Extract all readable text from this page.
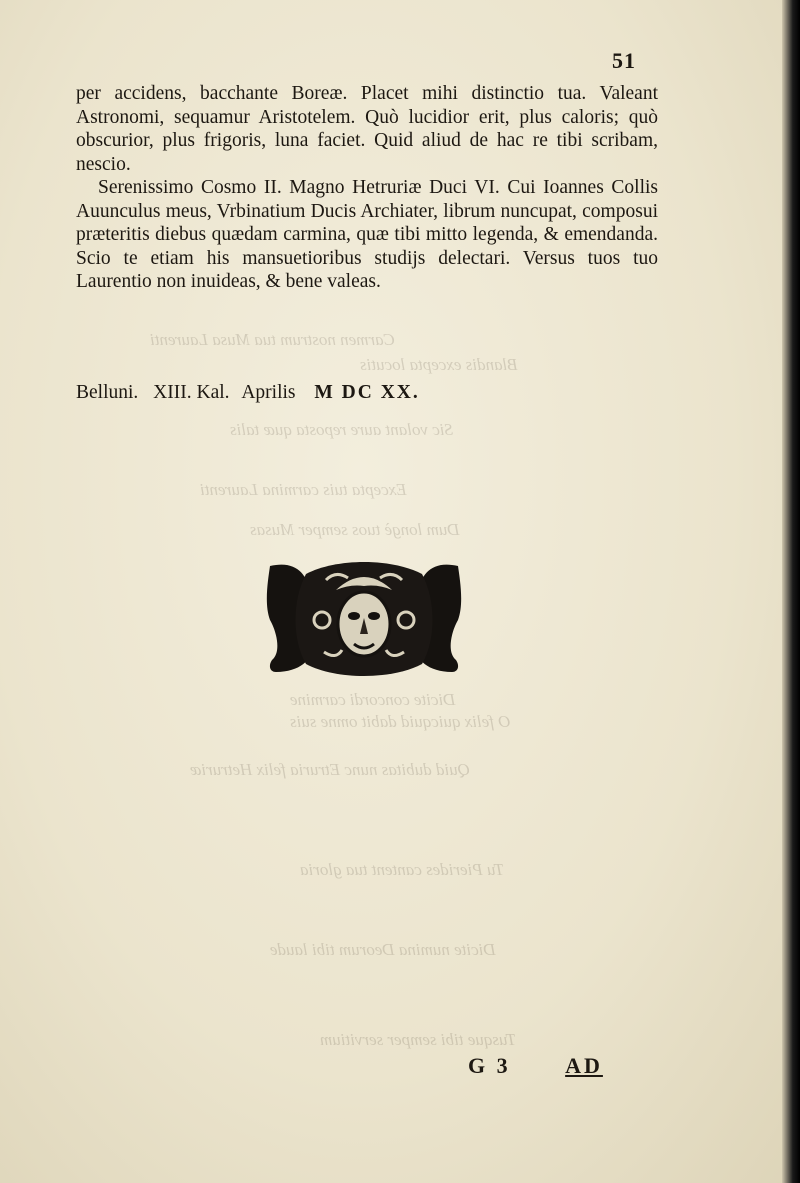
Carmen nostrum tua Musa Laurenti
Blandis excepta locutis
Sic volant aure reposta quæ talis
Excepta tuis carmina Laurenti
Dum longè tuos semper Musas
Dicite concordi carmine
O felix quicquid dabit omne suis
Quid dubitas nunc Etruria felix Hetruriæ
Tu Pierides cantent tua gloria
Dicite numina Deorum tibi laude
Tusque tibi semper servitium
51

per accidens, bacchante Boreæ. Placet mihi distinctio tua. Valeant Astronomi, sequamur Aristotelem. Quò lucidior erit, plus caloris; quò obscurior, plus frigoris, luna faciet. Quid aliud de hac re tibi scribam, nescio.

Serenissimo Cosmo II. Magno Hetruriæ Duci VI. Cui Ioannes Collis Auunculus meus, Vrbinatium Ducis Archiater, librum nuncupat, composui præteritis diebus quædam carmina, quæ tibi mitto legenda, & emendanda. Scio te etiam his mansuetioribus studijs delectari. Versus tuos tuo Laurentio non inuideas, & bene valeas.

Belluni. XIII. Kal. Aprilis M DC XX.
G 3 AD
